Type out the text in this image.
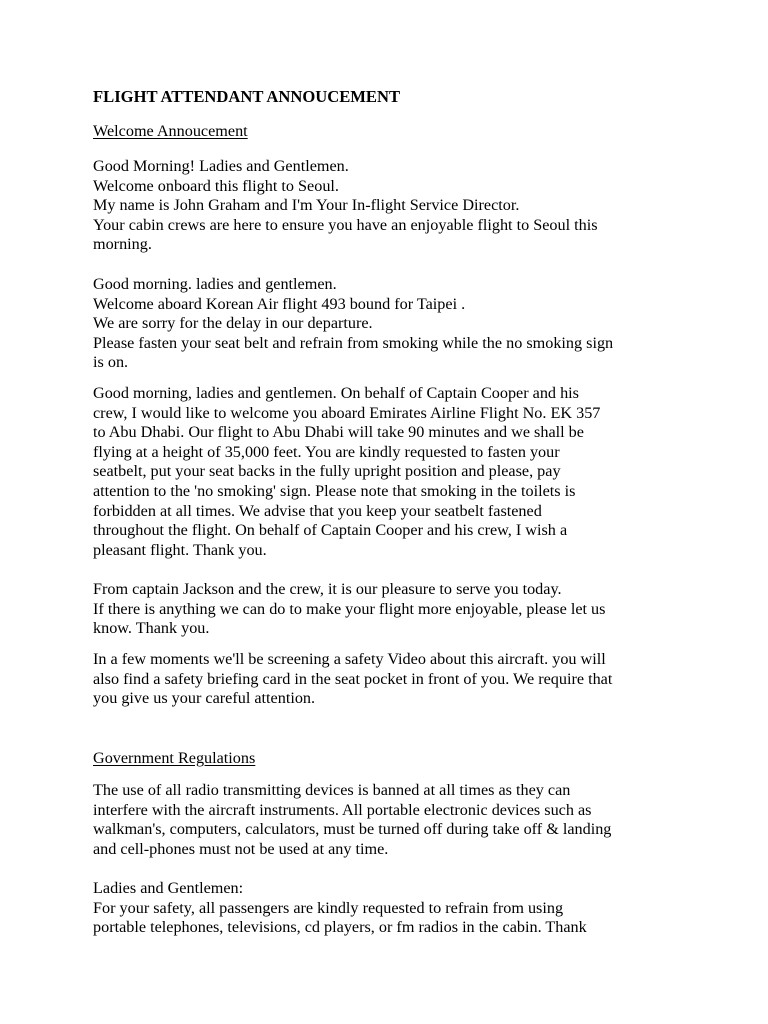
FLIGHT ATTENDANT ANNOUCEMENT
Welcome Annoucement
Good Morning! Ladies and Gentlemen.
Welcome onboard this flight to Seoul.
My name is John Graham and I'm Your In-flight Service Director.
Your cabin crews are here to ensure you have an enjoyable flight to Seoul this
morning.
Good morning. ladies and gentlemen.
Welcome aboard Korean Air flight 493 bound for Taipei .
We are sorry for the delay in our departure.
Please fasten your seat belt and refrain from smoking while the no smoking sign
is on.
Good morning, ladies and gentlemen. On behalf of Captain Cooper and his
crew, I would like to welcome you aboard Emirates Airline Flight No. EK 357
to Abu Dhabi. Our flight to Abu Dhabi will take 90 minutes and we shall be
flying at a height of 35,000 feet. You are kindly requested to fasten your
seatbelt, put your seat backs in the fully upright position and please, pay
attention to the 'no smoking' sign. Please note that smoking in the toilets is
forbidden at all times. We advise that you keep your seatbelt fastened
throughout the flight. On behalf of Captain Cooper and his crew, I wish a
pleasant flight. Thank you.
From captain Jackson and the crew, it is our pleasure to serve you today.
If there is anything we can do to make your flight more enjoyable, please let us
know. Thank you.
In a few moments we'll be screening a safety Video about this aircraft. you will
also find a safety briefing card in the seat pocket in front of you. We require that
you give us your careful attention.
Government Regulations
The use of all radio transmitting devices is banned at all times as they can
interfere with the aircraft instruments. All portable electronic devices such as
walkman's, computers, calculators, must be turned off during take off & landing
and cell-phones must not be used at any time.
Ladies and Gentlemen:
For your safety, all passengers are kindly requested to refrain from using
portable telephones, televisions, cd players, or fm radios in the cabin. Thank
